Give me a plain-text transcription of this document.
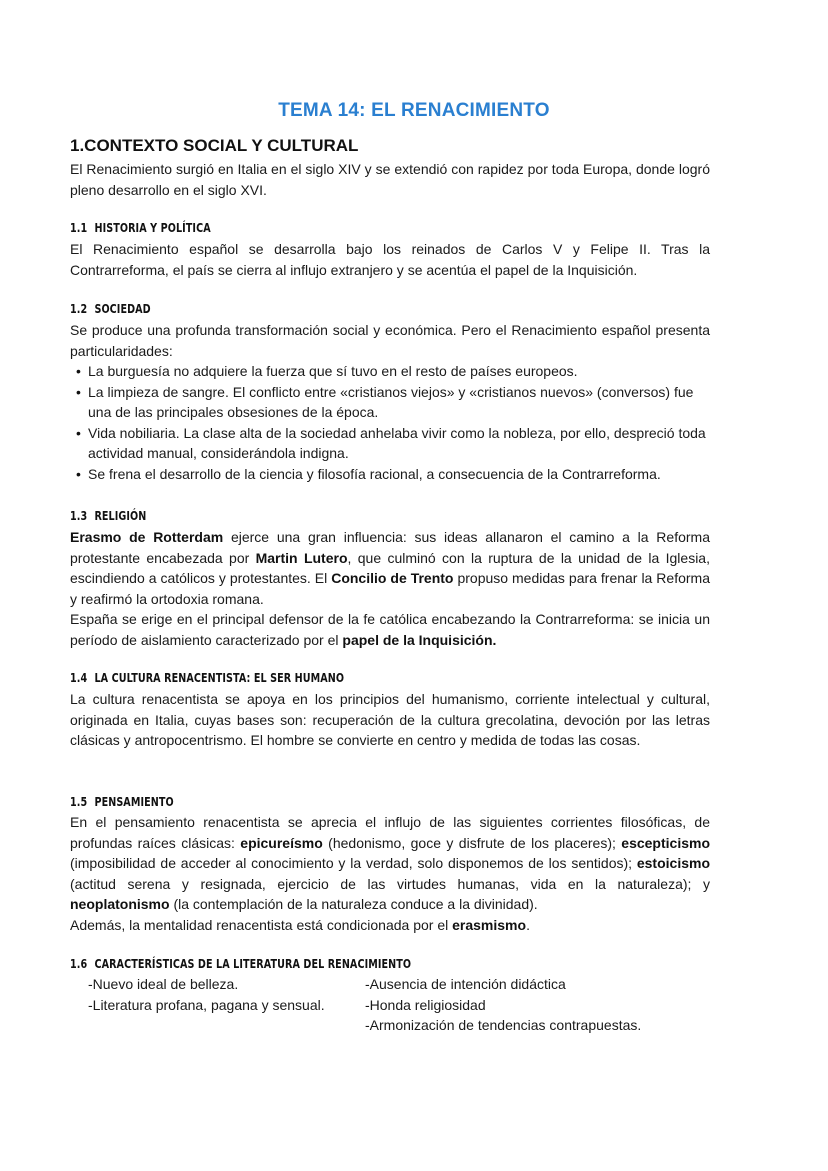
TEMA 14: EL RENACIMIENTO
1.CONTEXTO SOCIAL Y CULTURAL
El Renacimiento surgió en Italia en el siglo XIV y se extendió con rapidez por toda Europa, donde logró pleno desarrollo en el siglo XVI.
1.1 HISTORIA Y POLÍTICA
El Renacimiento español se desarrolla bajo los reinados de Carlos V y Felipe II. Tras la Contrarreforma, el país se cierra al influjo extranjero y se acentúa el papel de la Inquisición.
1.2 SOCIEDAD
Se produce una profunda transformación social y económica. Pero el Renacimiento español presenta particularidades:
• La burguesía no adquiere la fuerza que sí tuvo en el resto de países europeos.
• La limpieza de sangre. El conflicto entre «cristianos viejos» y «cristianos nuevos» (conversos) fue una de las principales obsesiones de la época.
• Vida nobiliaria. La clase alta de la sociedad anhelaba vivir como la nobleza, por ello, despreció toda actividad manual, considerándola indigna.
• Se frena el desarrollo de la ciencia y filosofía racional, a consecuencia de la Contrarreforma.
1.3 RELIGIÓN
Erasmo de Rotterdam ejerce una gran influencia: sus ideas allanaron el camino a la Reforma protestante encabezada por Martin Lutero, que culminó con la ruptura de la unidad de la Iglesia, escindiendo a católicos y protestantes. El Concilio de Trento propuso medidas para frenar la Reforma y reafirmó la ortodoxia romana.
España se erige en el principal defensor de la fe católica encabezando la Contrarreforma: se inicia un período de aislamiento caracterizado por el papel de la Inquisición.
1.4 LA CULTURA RENACENTISTA: EL SER HUMANO
La cultura renacentista se apoya en los principios del humanismo, corriente intelectual y cultural, originada en Italia, cuyas bases son: recuperación de la cultura grecolatina, devoción por las letras clásicas y antropocentrismo. El hombre se convierte en centro y medida de todas las cosas.
1.5 PENSAMIENTO
En el pensamiento renacentista se aprecia el influjo de las siguientes corrientes filosóficas, de profundas raíces clásicas: epicureísmo (hedonismo, goce y disfrute de los placeres); escepticismo (imposibilidad de acceder al conocimiento y la verdad, solo disponemos de los sentidos); estoicismo (actitud serena y resignada, ejercicio de las virtudes humanas, vida en la naturaleza); y neoplatonismo (la contemplación de la naturaleza conduce a la divinidad).
Además, la mentalidad renacentista está condicionada por el erasmismo.
1.6 CARACTERÍSTICAS DE LA LITERATURA DEL RENACIMIENTO
-Nuevo ideal de belleza.
-Literatura profana, pagana y sensual.
-Ausencia de intención didáctica
-Honda religiosidad
-Armonización de tendencias contrapuestas.
